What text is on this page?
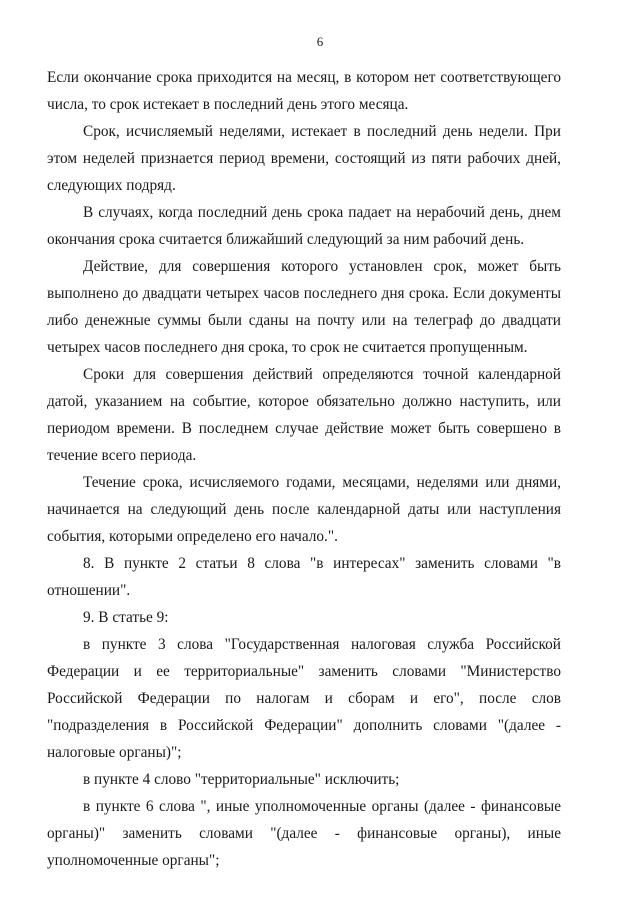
6

Если окончание срока приходится на месяц, в котором нет соответствующего числа, то срок истекает в последний день этого месяца.

Срок, исчисляемый неделями, истекает в последний день недели. При этом неделей признается период времени, состоящий из пяти рабочих дней, следующих подряд.

В случаях, когда последний день срока падает на нерабочий день, днем окончания срока считается ближайший следующий за ним рабочий день.

Действие, для совершения которого установлен срок, может быть выполнено до двадцати четырех часов последнего дня срока. Если документы либо денежные суммы были сданы на почту или на телеграф до двадцати четырех часов последнего дня срока, то срок не считается пропущенным.

Сроки для совершения действий определяются точной календарной датой, указанием на событие, которое обязательно должно наступить, или периодом времени. В последнем случае действие может быть совершено в течение всего периода.

Течение срока, исчисляемого годами, месяцами, неделями или днями, начинается на следующий день после календарной даты или наступления события, которыми определено его начало.".

8. В пункте 2 статьи 8 слова "в интересах" заменить словами "в отношении".

9. В статье 9:

в пункте 3 слова "Государственная налоговая служба Российской Федерации и ее территориальные" заменить словами "Министерство Российской Федерации по налогам и сборам и его", после слов "подразделения в Российской Федерации" дополнить словами "(далее - налоговые органы)";

в пункте 4 слово "территориальные" исключить;

в пункте 6 слова ", иные уполномоченные органы (далее - финансовые органы)" заменить словами "(далее - финансовые органы), иные уполномоченные органы";
